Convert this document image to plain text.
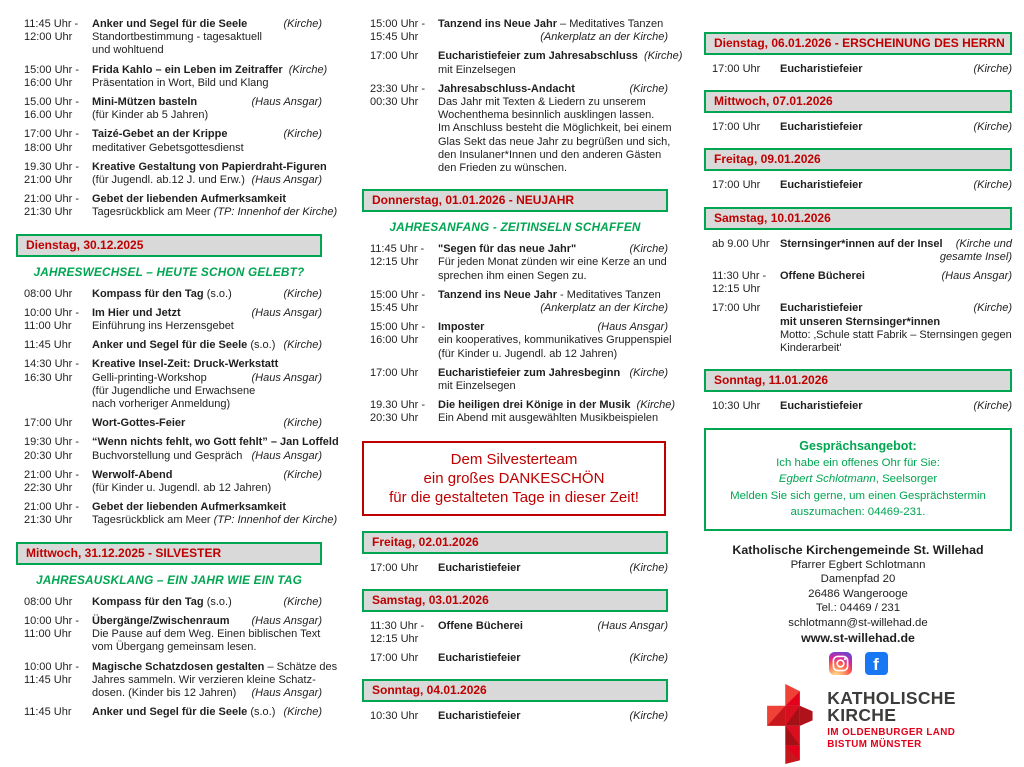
11:45 Uhr -
12:00 Uhr
Anker und Segel für die Seele	(Kirche)
Standortbestimmung - tagesaktuell
und wohltuend
15:00 Uhr -
16:00 Uhr
Frida Kahlo – ein Leben im Zeitraffer (Kirche)
Präsentation in Wort, Bild und Klang
15.00 Uhr -
16.00 Uhr
Mini-Mützen basteln	(Haus Ansgar)
(für Kinder ab 5 Jahren)
17:00 Uhr -
18:00 Uhr
Taizé-Gebet an der Krippe	(Kirche)
meditativer Gebetsgottesdienst
19.30 Uhr -
21:00 Uhr
Kreative Gestaltung von Papierdraht-Figuren
(für Jugendl. ab.12 J. und Erw.) (Haus Ansgar)
21:00 Uhr -
21:30 Uhr
Gebet der liebenden Aufmerksamkeit
Tagesrückblick am Meer (TP: Innenhof der Kirche)
Dienstag, 30.12.2025
JAHRESWECHSEL – HEUTE SCHON GELEBT?
08:00 Uhr	Kompass für den Tag (s.o.)	(Kirche)
10:00 Uhr -
11:00 Uhr
Im Hier und Jetzt	(Haus Ansgar)
Einführung ins Herzensgebet
11:45 Uhr	Anker und Segel für die Seele (s.o.) (Kirche)
14:30 Uhr -
16:30 Uhr
Kreative Insel-Zeit: Druck-Werkstatt
Gelli-printing-Workshop	(Haus Ansgar)
(für Jugendliche und Erwachsene
nach vorheriger Anmeldung)
17:00 Uhr	Wort-Gottes-Feier	(Kirche)
19:30 Uhr -
20:30 Uhr
“Wenn nichts fehlt, wo Gott fehlt” – Jan Loffeld
Buchvorstellung und Gespräch (Haus Ansgar)
21:00 Uhr -
22:30 Uhr
Werwolf-Abend	(Kirche)
(für Kinder u. Jugendl. ab 12 Jahren)
21:00 Uhr -
21:30 Uhr
Gebet der liebenden Aufmerksamkeit
Tagesrückblick am Meer (TP: Innenhof der Kirche)
Mittwoch, 31.12.2025 - SILVESTER
JAHRESAUSKLANG – EIN JAHR WIE EIN TAG
08:00 Uhr	Kompass für den Tag (s.o.)	(Kirche)
10:00 Uhr -
11:00 Uhr
Übergänge/Zwischenraum (Haus Ansgar)
Die Pause auf dem Weg. Einen biblischen Text
vom Übergang gemeinsam lesen.
10:00 Uhr -
11:45 Uhr
Magische Schatzdosen gestalten – Schätze des
Jahres sammeln. Wir verzieren kleine Schatz-
dosen. (Kinder bis 12 Jahren) (Haus Ansgar)
11:45 Uhr	Anker und Segel für die Seele (s.o.) (Kirche)
15:00 Uhr -
15:45 Uhr
Tanzend ins Neue Jahr – Meditatives Tanzen
(Ankerplatz an der Kirche)
17:00 Uhr	Eucharistiefeier zum Jahresabschluss (Kirche)
mit Einzelsegen
23:30 Uhr -
00:30 Uhr
Jahresabschluss-Andacht	(Kirche)
Das Jahr mit Texten & Liedern zu unserem
Wochenthema besinnlich ausklingen lassen.
Im Anschluss besteht die Möglichkeit, bei einem
Glas Sekt das neue Jahr zu begrüßen und sich,
den Insulaner*Innen und den anderen Gästen
den Frieden zu wünschen.
Donnerstag, 01.01.2026 - NEUJAHR
JAHRESANFANG - ZEITINSELN SCHAFFEN
11:45 Uhr -
12:15 Uhr
"Segen für das neue Jahr"	(Kirche)
Für jeden Monat zünden wir eine Kerze an und
sprechen ihm einen Segen zu.
15:00 Uhr -
15:45 Uhr
Tanzend ins Neue Jahr - Meditatives Tanzen
(Ankerplatz an der Kirche)
15:00 Uhr -
16:00 Uhr
Imposter	(Haus Ansgar)
ein kooperatives, kommunikatives Gruppenspiel
(für Kinder u. Jugendl. ab 12 Jahren)
17:00 Uhr	Eucharistiefeier zum Jahresbeginn (Kirche)
mit Einzelsegen
19.30 Uhr -
20:30 Uhr
Die heiligen drei Könige in der Musik (Kirche)
Ein Abend mit ausgewählten Musikbeispielen
Dem Silvesterteam
ein großes DANKESCHÖN
für die gestalteten Tage in dieser Zeit!
Freitag, 02.01.2026
17:00 Uhr	Eucharistiefeier	(Kirche)
Samstag, 03.01.2026
11:30 Uhr -
12:15 Uhr
Offene Bücherei	(Haus Ansgar)
17:00 Uhr	Eucharistiefeier	(Kirche)
Sonntag, 04.01.2026
10:30 Uhr	Eucharistiefeier	(Kirche)
Dienstag, 06.01.2026 - ERSCHEINUNG DES HERRN
17:00 Uhr	Eucharistiefeier	(Kirche)
Mittwoch, 07.01.2026
17:00 Uhr	Eucharistiefeier	(Kirche)
Freitag, 09.01.2026
17:00 Uhr	Eucharistiefeier	(Kirche)
Samstag, 10.01.2026
ab 9.00 Uhr Sternsinger*innen auf der Insel (Kirche und
gesamte Insel)
11:30 Uhr -
12:15 Uhr
Offene Bücherei	(Haus Ansgar)
17:00 Uhr	Eucharistiefeier	(Kirche)
mit unseren Sternsinger*innen
Motto: ‚Schule statt Fabrik – Sternsingen gegen
Kinderarbeit'
Sonntag, 11.01.2026
10:30 Uhr	Eucharistiefeier	(Kirche)
Gesprächsangebot:
Ich habe ein offenes Ohr für Sie:
Egbert Schlotmann, Seelsorger
Melden Sie sich gerne, um einen Gesprächstermin
auszumachen: 04469-231.
Katholische Kirchengemeinde St. Willehad
Pfarrer Egbert Schlotmann
Damenpfad 20
26486 Wangerooge
Tel.: 04469 / 231
schlotmann@st-willehad.de
www.st-willehad.de
f
KATHOLISCHE
KIRCHE
IM OLDENBURGER LAND
BISTUM MÜNSTER
